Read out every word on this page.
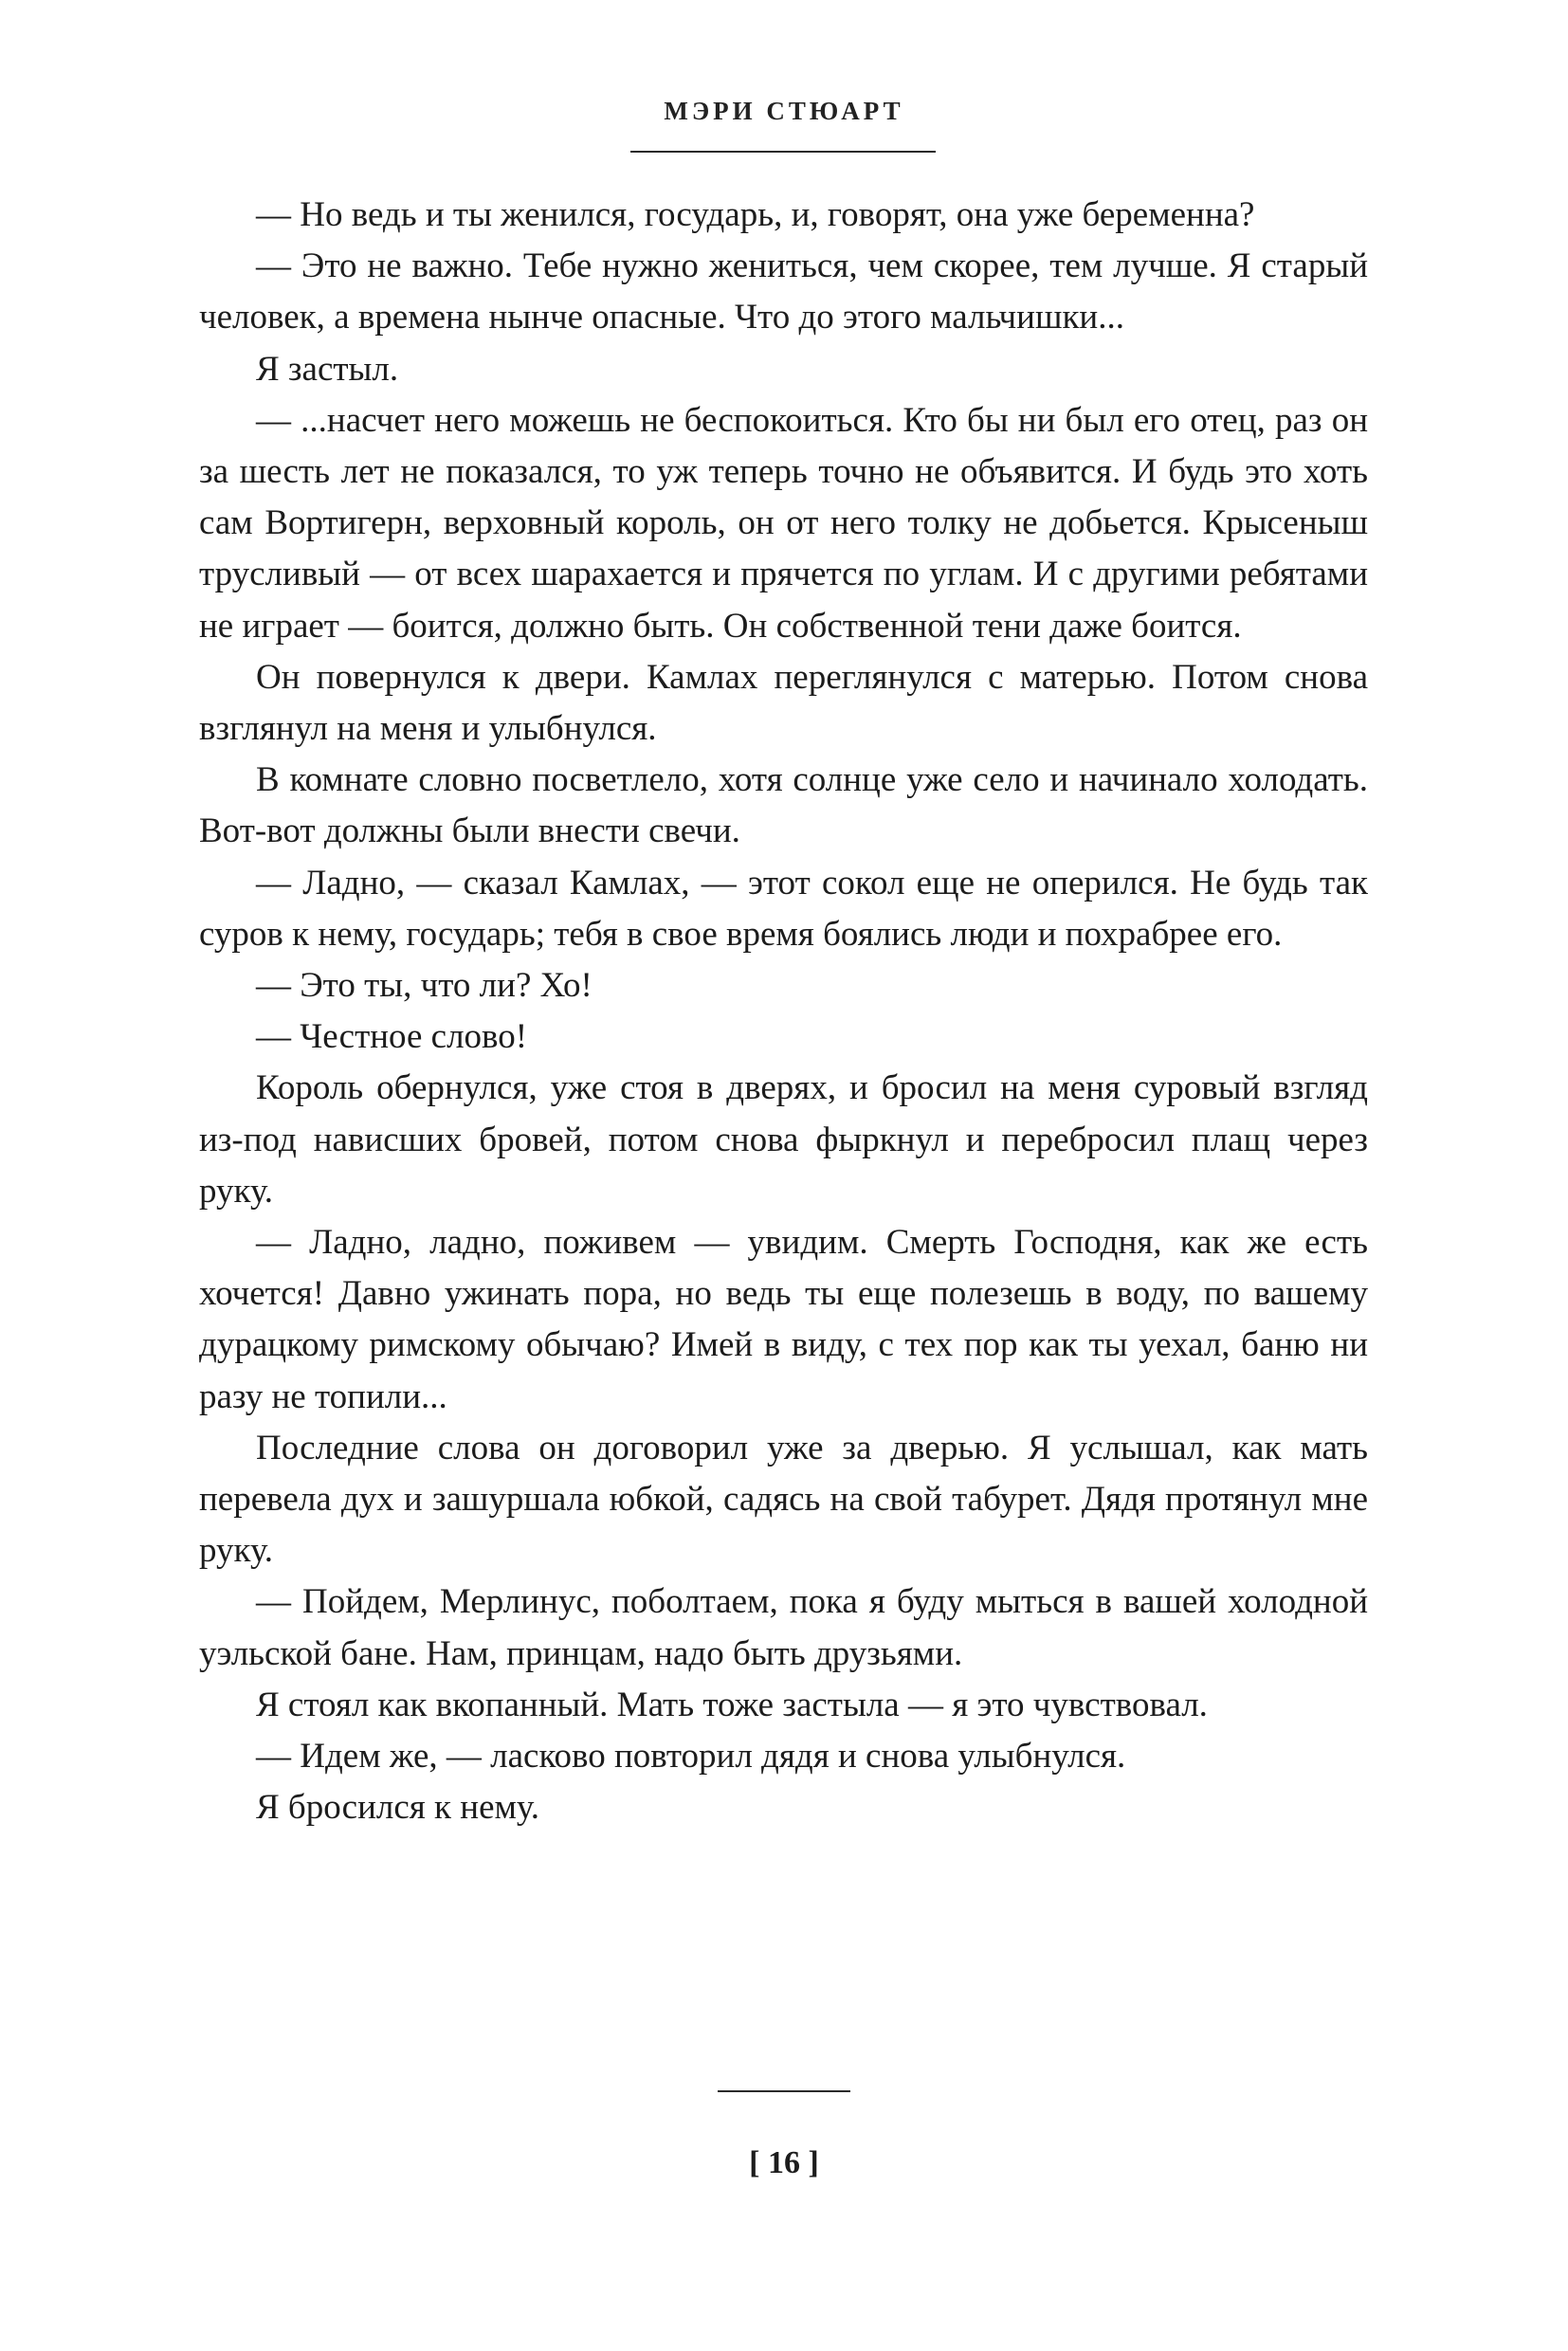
МЭРИ СТЮАРТ

— Но ведь и ты женился, государь, и, говорят, она уже беременна?

— Это не важно. Тебе нужно жениться, чем скорее, тем лучше. Я старый человек, а времена нынче опасные. Что до этого мальчишки...

Я застыл.

— ...насчет него можешь не беспокоиться. Кто бы ни был его отец, раз он за шесть лет не показался, то уж теперь точно не объявится. И будь это хоть сам Вортигерн, верховный король, он от него толку не добьется. Крысеныш трусливый — от всех шарахается и прячется по углам. И с другими ребятами не играет — боится, должно быть. Он собственной тени даже боится.

Он повернулся к двери. Камлах переглянулся с матерью. Потом снова взглянул на меня и улыбнулся.

В комнате словно посветлело, хотя солнце уже село и начинало холодать. Вот-вот должны были внести свечи.

— Ладно, — сказал Камлах, — этот сокол еще не оперился. Не будь так суров к нему, государь; тебя в свое время боялись люди и похрабрее его.

— Это ты, что ли? Хо!

— Честное слово!

Король обернулся, уже стоя в дверях, и бросил на меня суровый взгляд из-под нависших бровей, потом снова фыркнул и перебросил плащ через руку.

— Ладно, ладно, поживем — увидим. Смерть Господня, как же есть хочется! Давно ужинать пора, но ведь ты еще полезешь в воду, по вашему дурацкому римскому обычаю? Имей в виду, с тех пор как ты уехал, баню ни разу не топили...

Последние слова он договорил уже за дверью. Я услышал, как мать перевела дух и зашуршала юбкой, садясь на свой табурет. Дядя протянул мне руку.

— Пойдем, Мерлинус, поболтаем, пока я буду мыться в вашей холодной уэльской бане. Нам, принцам, надо быть друзьями.

Я стоял как вкопанный. Мать тоже застыла — я это чувствовал.

— Идем же, — ласково повторил дядя и снова улыбнулся.

Я бросился к нему.

[ 16 ]
